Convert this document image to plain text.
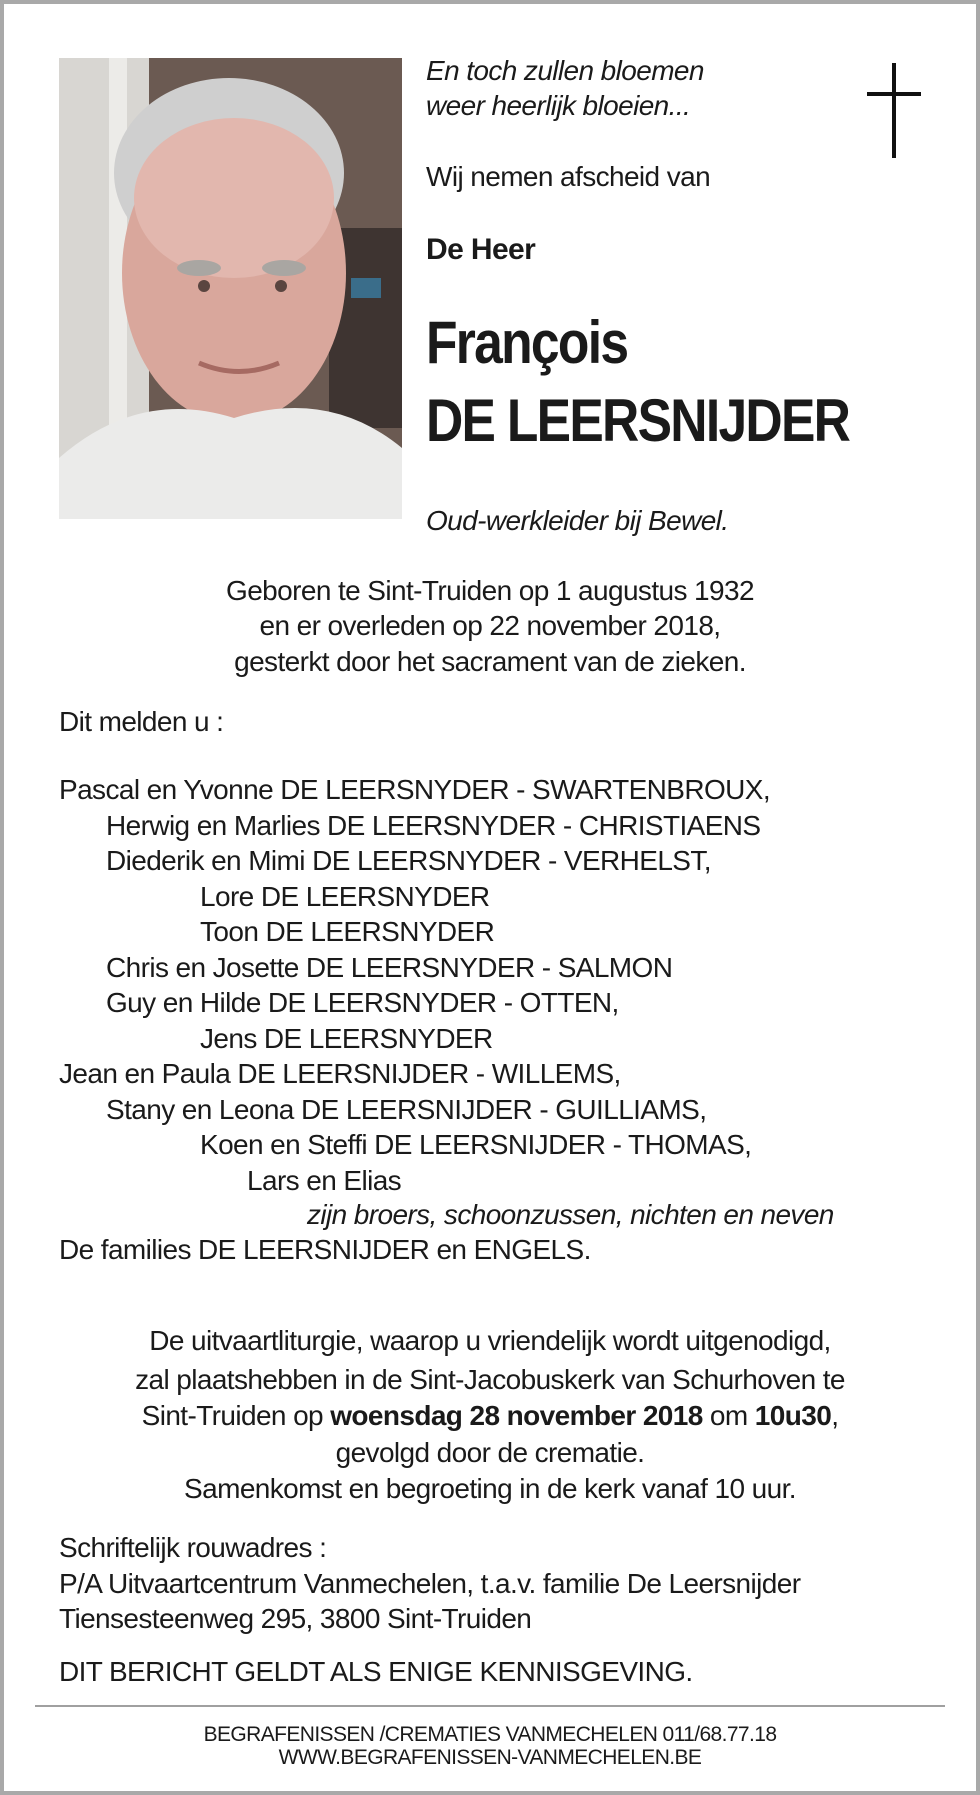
En toch zullen bloemen
weer heerlijk bloeien...
Wij nemen afscheid van
De Heer
François
DE LEERSNIJDER
Oud-werkleider bij Bewel.
Geboren te Sint-Truiden op 1 augustus 1932
en er overleden op 22 november 2018,
gesterkt door het sacrament van de zieken.
Dit melden u :
Pascal en Yvonne DE LEERSNYDER - SWARTENBROUX,
Herwig en Marlies DE LEERSNYDER - CHRISTIAENS
Diederik en Mimi DE LEERSNYDER - VERHELST,
Lore DE LEERSNYDER
Toon DE LEERSNYDER
Chris en Josette DE LEERSNYDER - SALMON
Guy en Hilde DE LEERSNYDER - OTTEN,
Jens DE LEERSNYDER
Jean en Paula DE LEERSNIJDER - WILLEMS,
Stany en Leona DE LEERSNIJDER - GUILLIAMS,
Koen en Steffi DE LEERSNIJDER - THOMAS,
Lars en Elias
zijn broers, schoonzussen, nichten en neven
De families DE LEERSNIJDER en ENGELS.
De uitvaartliturgie, waarop u vriendelijk wordt uitgenodigd,
zal plaatshebben in de Sint-Jacobuskerk van Schurhoven te
Sint-Truiden op woensdag 28 november 2018 om 10u30,
gevolgd door de crematie.
Samenkomst en begroeting in de kerk vanaf 10 uur.
Schriftelijk rouwadres :
P/A Uitvaartcentrum Vanmechelen, t.a.v. familie De Leersnijder
Tiensesteenweg 295, 3800 Sint-Truiden
DIT BERICHT GELDT ALS ENIGE KENNISGEVING.
BEGRAFENISSEN /CREMATIES VANMECHELEN 011/68.77.18
WWW.BEGRAFENISSEN-VANMECHELEN.BE
